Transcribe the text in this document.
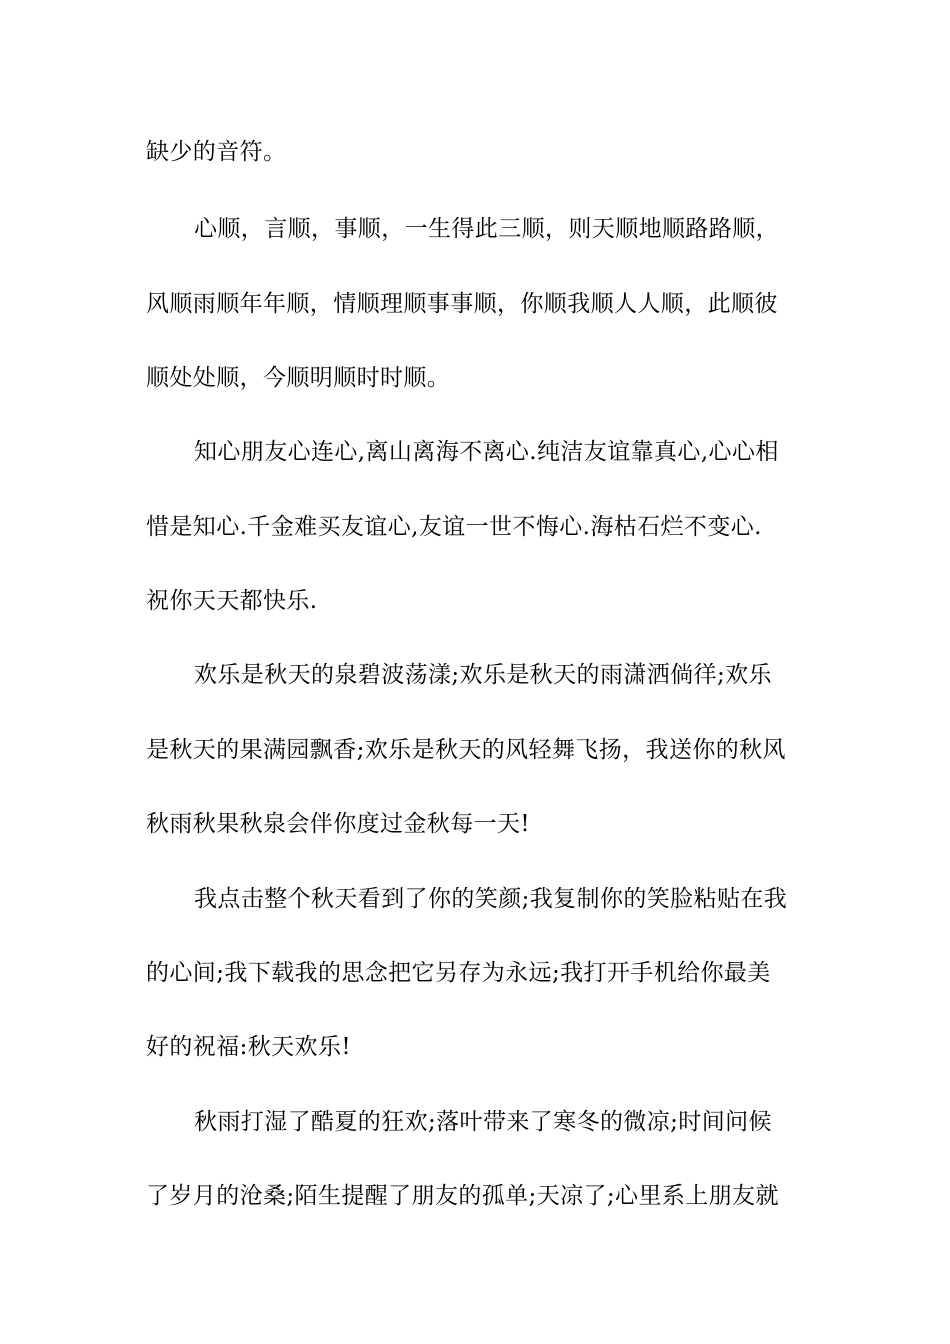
缺少的音符。
心顺，言顺，事顺，一生得此三顺，则天顺地顺路路顺，
风顺雨顺年年顺，情顺理顺事事顺，你顺我顺人人顺，此顺彼
顺处处顺，今顺明顺时时顺。
知心朋友心连心,离山离海不离心.纯洁友谊靠真心,心心相
惜是知心.千金难买友谊心,友谊一世不悔心.海枯石烂不变心.
祝你天天都快乐.
欢乐是秋天的泉碧波荡漾;欢乐是秋天的雨潇洒倘徉;欢乐
是秋天的果满园飘香;欢乐是秋天的风轻舞飞扬，我送你的秋风
秋雨秋果秋泉会伴你度过金秋每一天!
我点击整个秋天看到了你的笑颜;我复制你的笑脸粘贴在我
的心间;我下载我的思念把它另存为永远;我打开手机给你最美
好的祝福:秋天欢乐!
秋雨打湿了酷夏的狂欢;落叶带来了寒冬的微凉;时间问候
了岁月的沧桑;陌生提醒了朋友的孤单;天凉了;心里系上朋友就
